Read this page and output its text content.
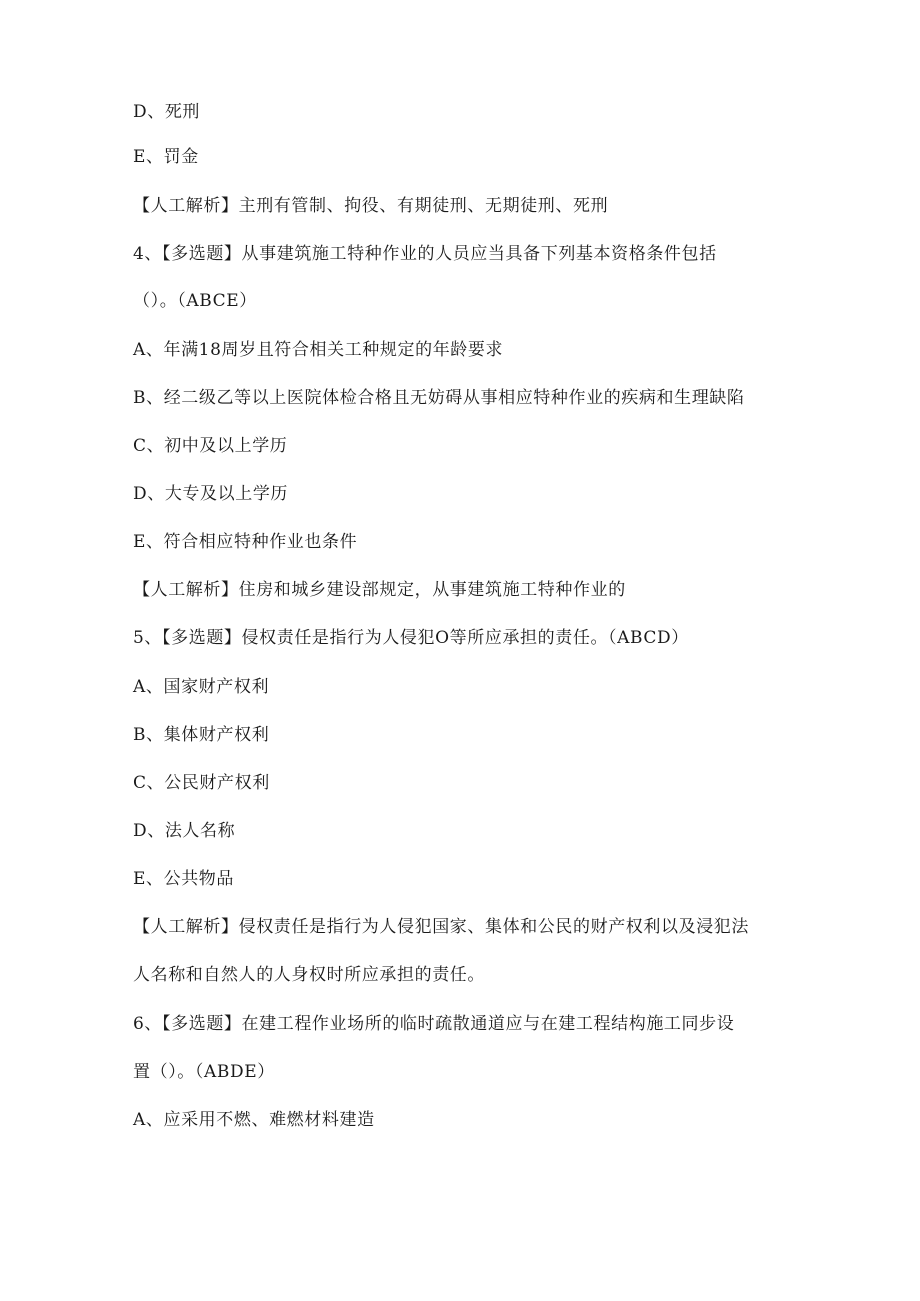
D、死刑
E、罚金
【人工解析】主刑有管制、拘役、有期徒刑、无期徒刑、死刑
4、【多选题】从事建筑施工特种作业的人员应当具备下列基本资格条件包括
（）。（ABCE）
A、年满18周岁且符合相关工种规定的年龄要求
B、经二级乙等以上医院体检合格且无妨碍从事相应特种作业的疾病和生理缺陷
C、初中及以上学历
D、大专及以上学历
E、符合相应特种作业也条件
【人工解析】住房和城乡建设部规定，从事建筑施工特种作业的
5、【多选题】侵权责任是指行为人侵犯O等所应承担的责任。（ABCD）
A、国家财产权利
B、集体财产权利
C、公民财产权利
D、法人名称
E、公共物品
【人工解析】侵权责任是指行为人侵犯国家、集体和公民的财产权利以及浸犯法
人名称和自然人的人身权时所应承担的责任。
6、【多选题】在建工程作业场所的临时疏散通道应与在建工程结构施工同步设
置（）。（ABDE）
A、应采用不燃、难燃材料建造
